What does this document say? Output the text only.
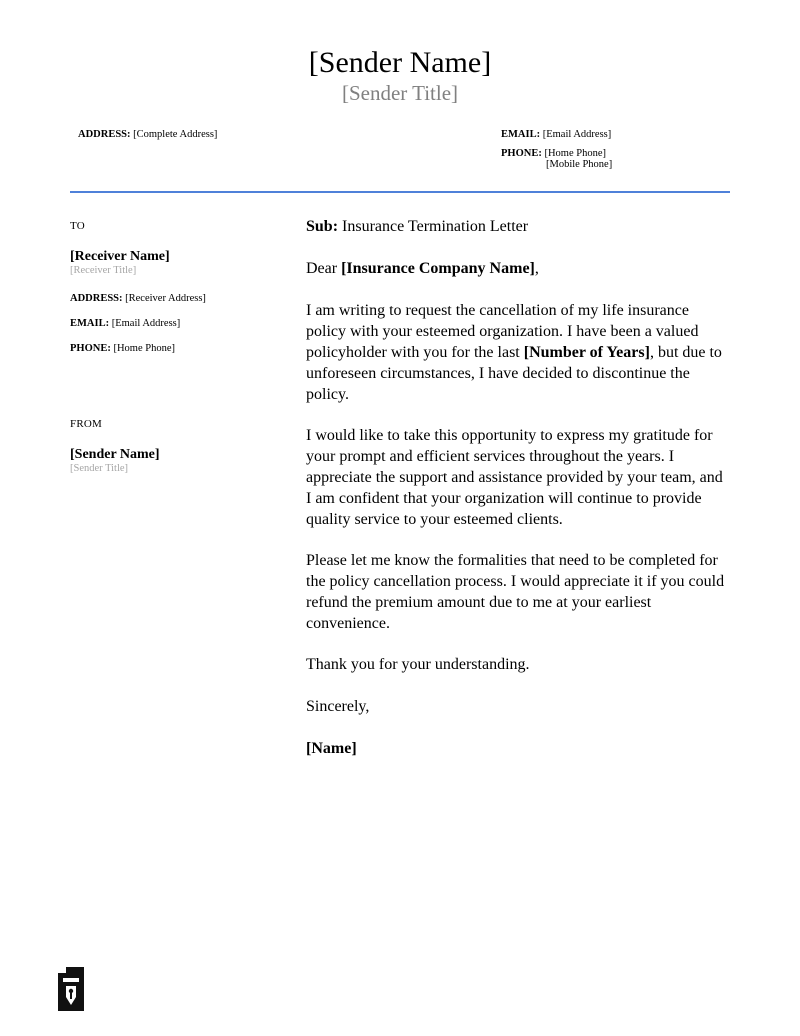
[Sender Name]
[Sender Title]
ADDRESS: [Complete Address]	EMAIL: [Email Address]
PHONE: [Home Phone]
[Mobile Phone]
TO
[Receiver Name]
[Receiver Title]
ADDRESS: [Receiver Address]
EMAIL: [Email Address]
PHONE: [Home Phone]
FROM
[Sender Name]
[Sender Title]
Sub: Insurance Termination Letter
Dear [Insurance Company Name],

I am writing to request the cancellation of my life insurance policy with your esteemed organization. I have been a valued policyholder with you for the last [Number of Years], but due to unforeseen circumstances, I have decided to discontinue the policy.

I would like to take this opportunity to express my gratitude for your prompt and efficient services throughout the years. I appreciate the support and assistance provided by your team, and I am confident that your organization will continue to provide quality service to your esteemed clients.

Please let me know the formalities that need to be completed for the policy cancellation process. I would appreciate it if you could refund the premium amount due to me at your earliest convenience.

Thank you for your understanding.

Sincerely,
[Name]
